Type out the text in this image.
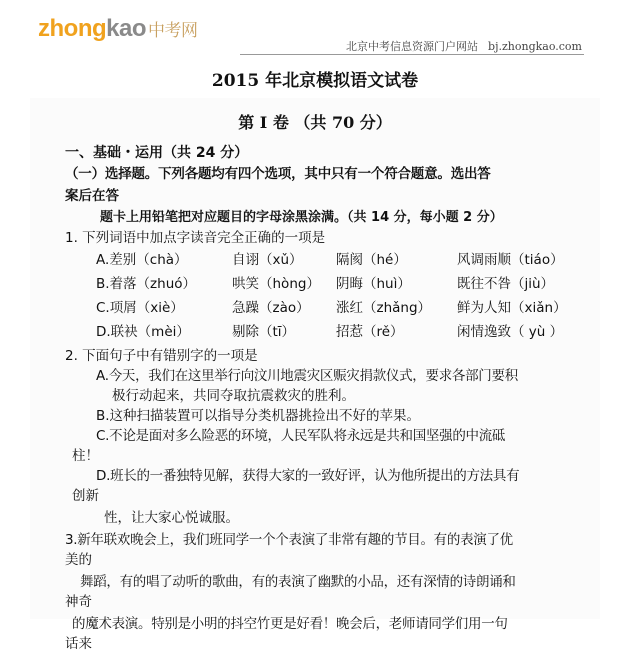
zhongkao 中考网
北京中考信息资源门户网站 bj.zhongkao.com
2015 年北京模拟语文试卷
第 I 卷 （共 70 分）
一、基础・运用（共 24 分）
（一）选择题。下列各题均有四个选项，其中只有一个符合题意。选出答
案后在答
题卡上用铅笔把对应题目的字母涂黑涂满。（共 14 分，每小题 2 分）
1. 下列词语中加点字读音完全正确的一项是
A.差别（chà）	自诩（xǔ） 隔阂（hé）	风调雨顺（tiáo）
B.着落（zhuó）	哄笑（hòng） 阴晦（huì）	既往不咎（jiù）
C.项屑（xiè）	急躁（zào） 涨红（zhǎng） 鲜为人知（xiǎn）
D.联袂（mèi）	剔除（tī）	招惹（rě）	闲情逸致（ yù ）
2. 下面句子中有错别字的一项是
A.今天，我们在这里举行向汶川地震灾区赈灾捐款仪式，要求各部门要积
极行动起来，共同夺取抗震救灾的胜利。
B.这种扫描装置可以指导分类机器挑捡出不好的苹果。
C.不论是面对多么险恶的环境，人民军队将永远是共和国坚强的中流砥
柱！
D.班长的一番独特见解，获得大家的一致好评，认为他所提出的方法具有
创新
性，让大家心悦诚服。
3.新年联欢晚会上，我们班同学一个个表演了非常有趣的节目。有的表演了优
美的
舞蹈，有的唱了动听的歌曲，有的表演了幽默的小品，还有深情的诗朗诵和
神奇
的魔术表演。特别是小明的抖空竹更是好看！晚会后，老师请同学们用一句
话来
